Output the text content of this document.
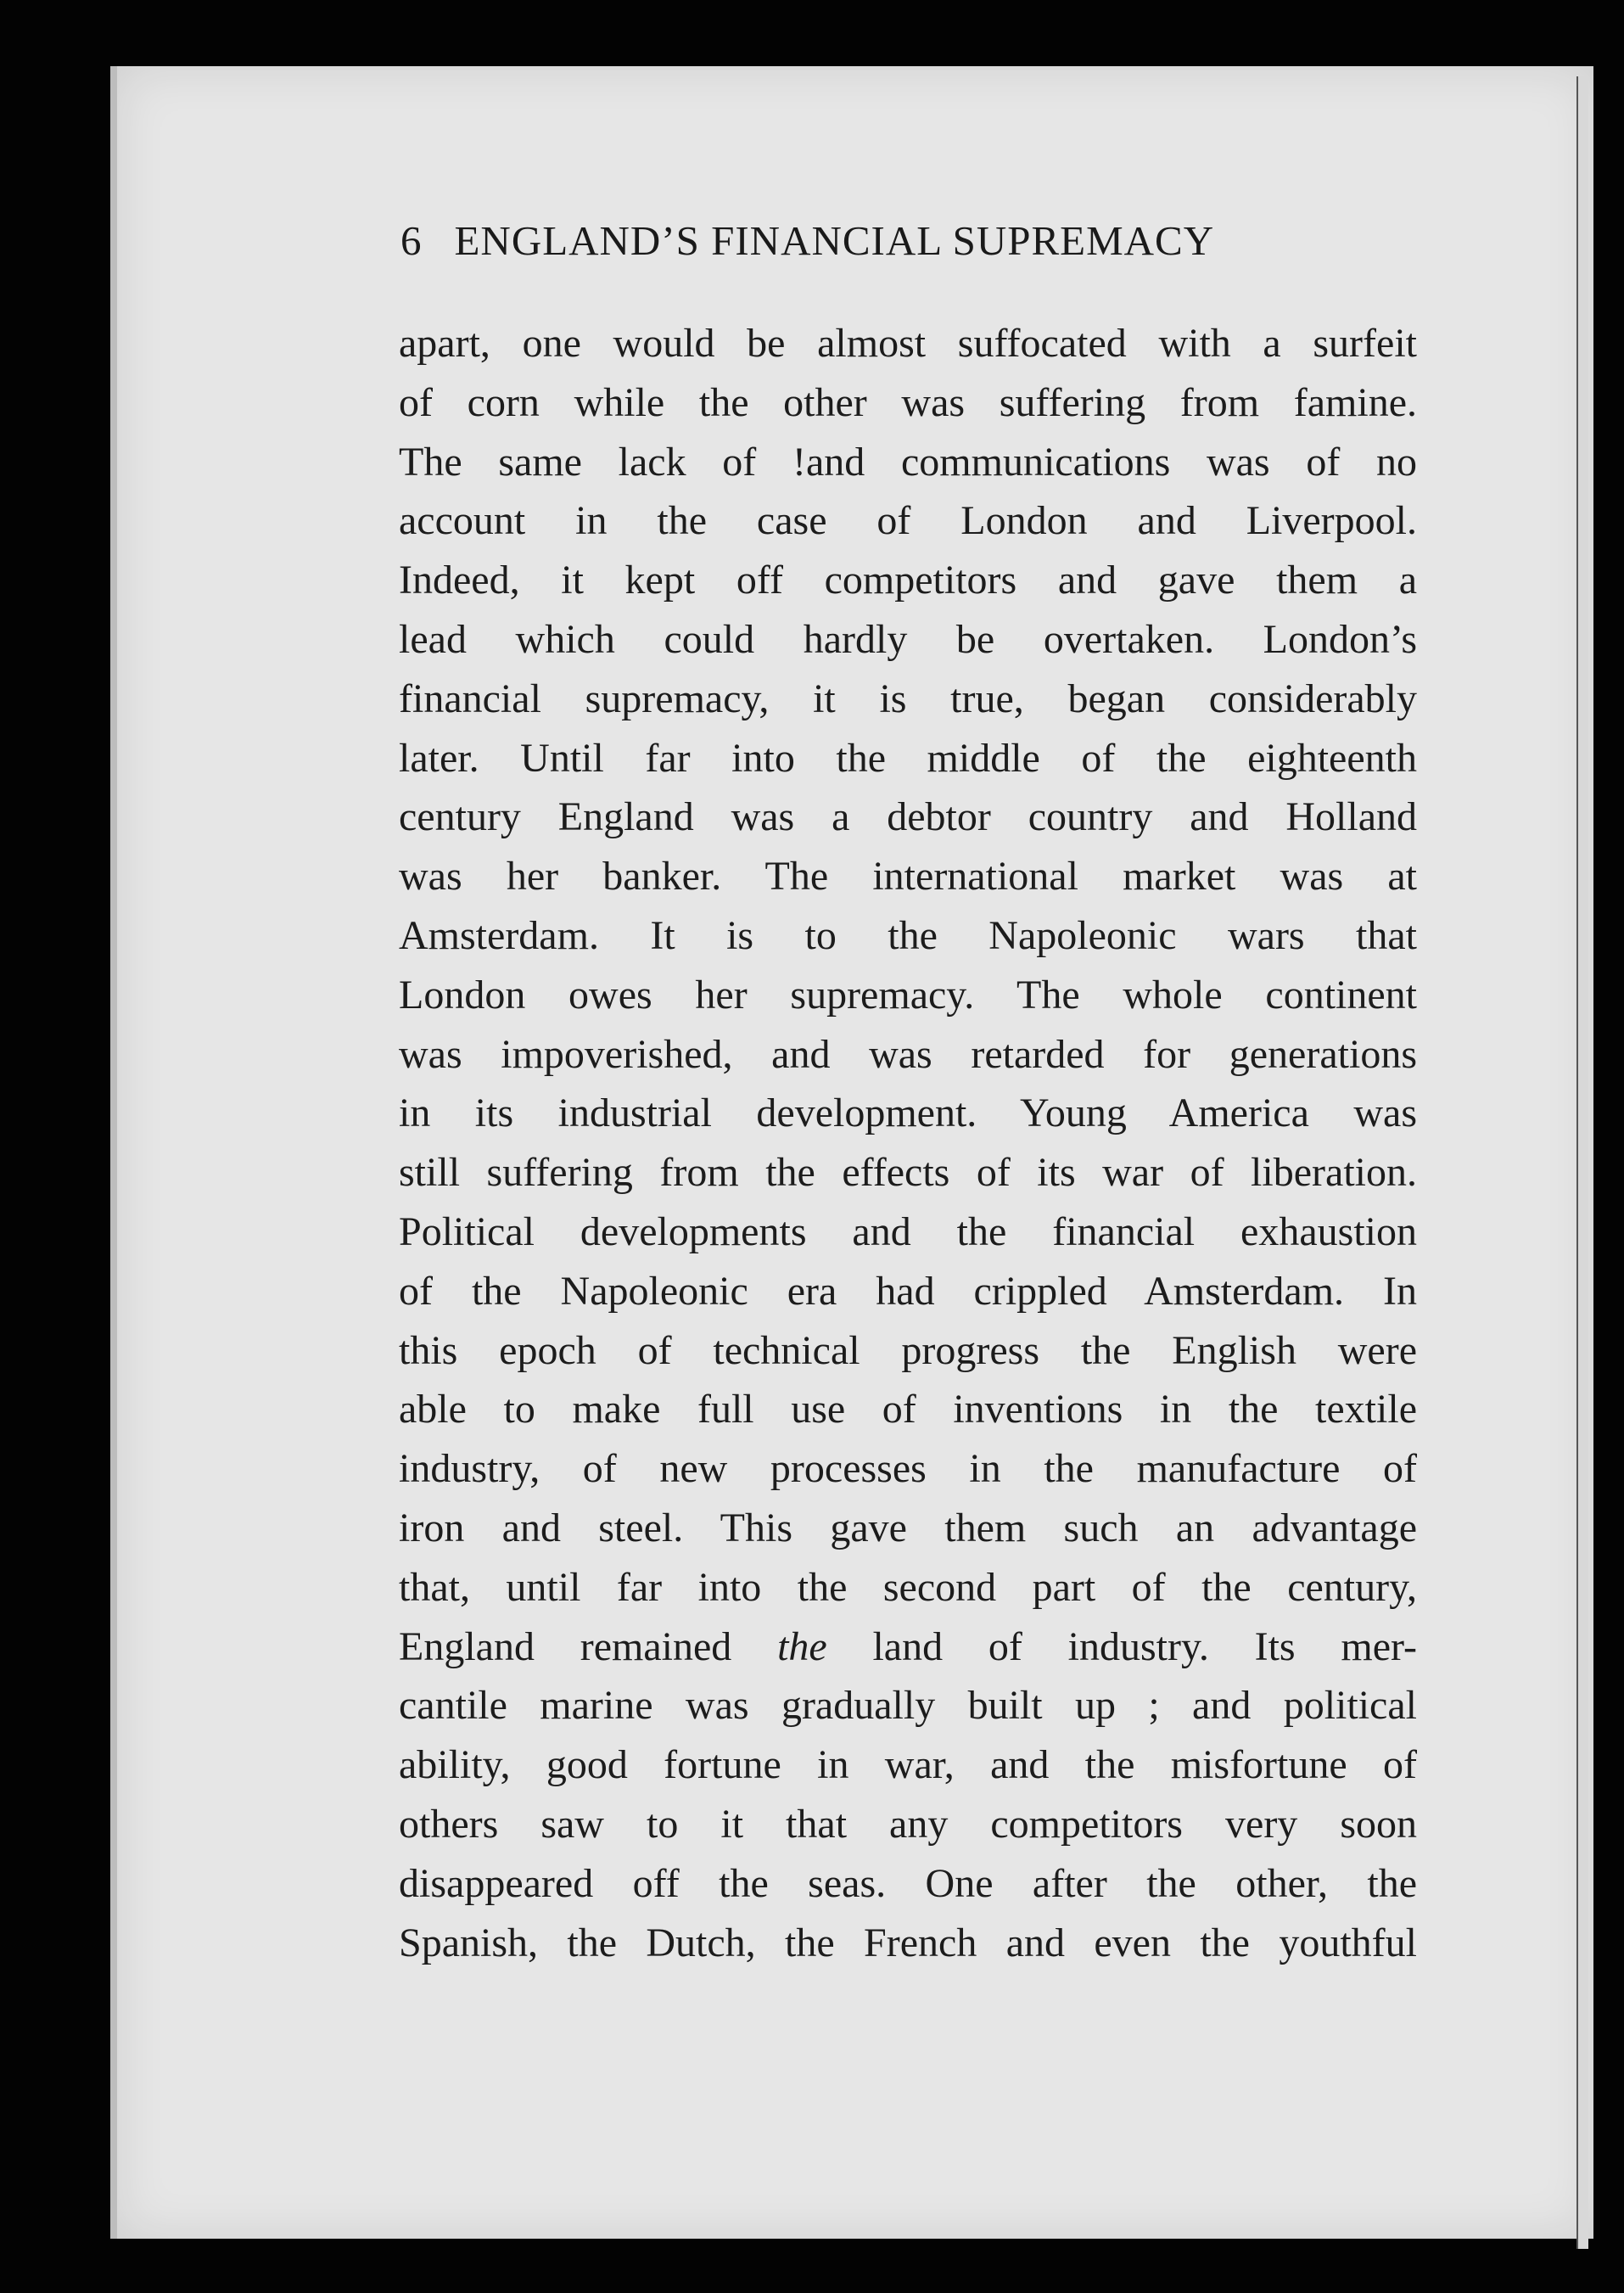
6 ENGLAND’S FINANCIAL SUPREMACY
apart, one would be almost suffocated with a surfeit
of corn while the other was suffering from famine.
The same lack of !and communications was of no
account in the case of London and Liverpool.
Indeed, it kept off competitors and gave them a
lead which could hardly be overtaken. London’s
financial supremacy, it is true, began considerably
later. Until far into the middle of the eighteenth
century England was a debtor country and Holland
was her banker. The international market was at
Amsterdam. It is to the Napoleonic wars that
London owes her supremacy. The whole continent
was impoverished, and was retarded for generations
in its industrial development. Young America was
still suffering from the effects of its war of liberation.
Political developments and the financial exhaustion
of the Napoleonic era had crippled Amsterdam. In
this epoch of technical progress the English were
able to make full use of inventions in the textile
industry, of new processes in the manufacture of
iron and steel. This gave them such an advantage
that, until far into the second part of the century,
England remained the land of industry. Its mer-
cantile marine was gradually built up ; and political
ability, good fortune in war, and the misfortune of
others saw to it that any competitors very soon
disappeared off the seas. One after the other, the
Spanish, the Dutch, the French and even the youthful
